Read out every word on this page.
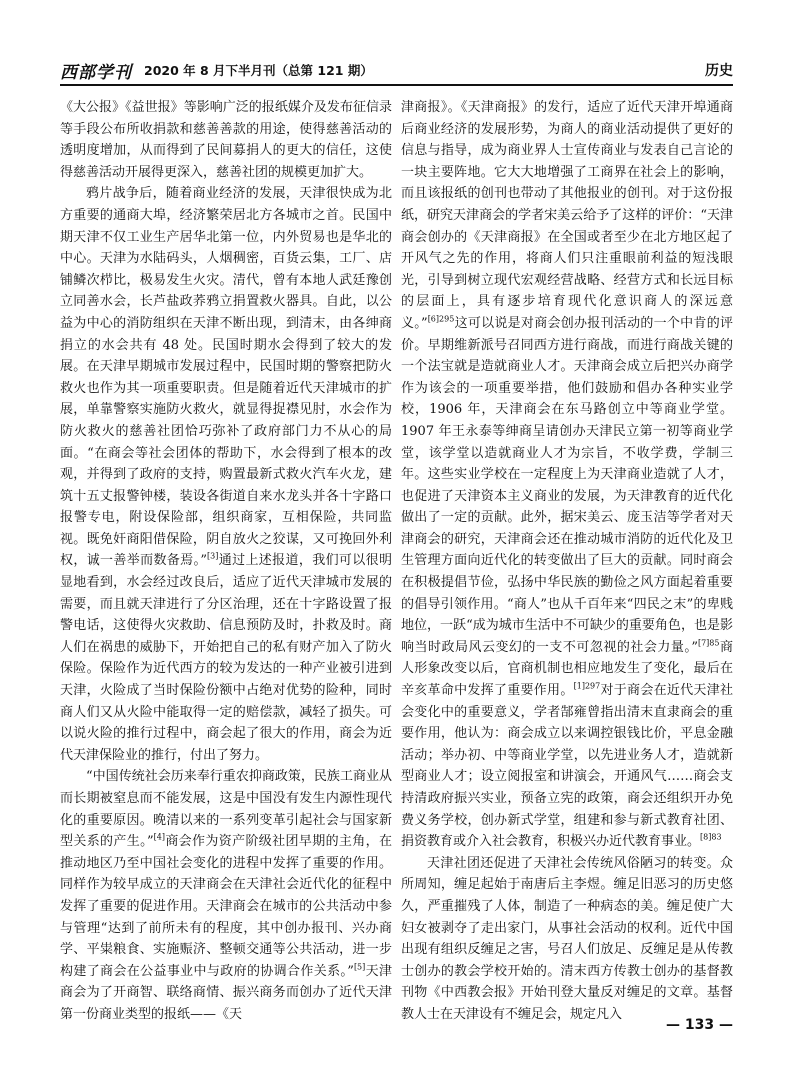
西部学刊 2020 年 8 月下半月刊（总第 121 期）	历史

《大公报》《益世报》等影响广泛的报纸媒介及发布征信录等手段公布所收捐款和慈善善款的用途，使得慈善活动的透明度增加，从而得到了民间募捐人的更大的信任，这使得慈善活动开展得更深入，慈善社团的规模更加扩大。

鸦片战争后，随着商业经济的发展，天津很快成为北方重要的通商大埠，经济繁荣居北方各城市之首。民国中期天津不仅工业生产居华北第一位，内外贸易也是华北的中心。天津为水陆码头，人烟稠密，百货云集，工厂、店铺鳞次栉比，极易发生火灾。清代，曾有本地人武廷豫创立同善水会，长芦盐政荞鸦立捐置救火器具。自此，以公益为中心的消防组织在天津不断出现，到清末，由各绅商捐立的水会共有 48 处。民国时期水会得到了较大的发展。在天津早期城市发展过程中，民国时期的警察把防火救火也作为其一项重要职责。但是随着近代天津城市的扩展，单靠警察实施防火救火，就显得捉襟见肘，水会作为防火救火的慈善社团恰巧弥补了政府部门力不从心的局面。“在商会等社会团体的帮助下，水会得到了根本的改观，并得到了政府的支持，购置最新式救火汽车火龙，建筑十五丈报警钟楼，装设各街道自来水龙头并各十字路口报警专电，附设保险部，组织商家，互相保险，共同监视。既免奸商阳借保险，阴自放火之狡谋，又可挽回外利权，诚一善举而数备焉。”[3]通过上述报道，我们可以很明显地看到，水会经过改良后，适应了近代天津城市发展的需要，而且就天津进行了分区治理，还在十字路设置了报警电话，这使得火灾救助、信息预防及时，扑救及时。商人们在祸患的威胁下，开始把自己的私有财产加入了防火保险。保险作为近代西方的较为发达的一种产业被引进到天津，火险成了当时保险份额中占绝对优势的险种，同时商人们又从火险中能取得一定的赔偿款，减轻了损失。可以说火险的推行过程中，商会起了很大的作用，商会为近代天津保险业的推行，付出了努力。

“中国传统社会历来奉行重农抑商政策，民族工商业从而长期被窒息而不能发展，这是中国没有发生内源性现代化的重要原因。晚清以来的一系列变革引起社会与国家新型关系的产生。”[4]商会作为资产阶级社团早期的主角，在推动地区乃至中国社会变化的进程中发挥了重要的作用。同样作为较早成立的天津商会在天津社会近代化的征程中发挥了重要的促进作用。天津商会在城市的公共活动中参与管理“达到了前所未有的程度，其中创办报刊、兴办商学、平粜粮食、实施赈济、整顿交通等公共活动，进一步构建了商会在公益事业中与政府的协调合作关系。”[5]天津商会为了开商智、联络商情、振兴商务而创办了近代天津第一份商业类型的报纸——《天

津商报》。《天津商报》的发行，适应了近代天津开埠通商后商业经济的发展形势，为商人的商业活动提供了更好的信息与指导，成为商业界人士宣传商业与发表自己言论的一块主要阵地。它大大地增强了工商界在社会上的影响，而且该报纸的创刊也带动了其他报业的创刊。对于这份报纸，研究天津商会的学者宋美云给予了这样的评价：“天津商会创办的《天津商报》在全国或者至少在北方地区起了开风气之先的作用，将商人们只注重眼前利益的短浅眼光，引导到树立现代宏观经营战略、经营方式和长远目标的层面上，具有逐步培育现代化意识商人的深远意义。”$^{[6]295}$这可以说是对商会创办报刊活动的一个中肯的评价。早期维新派号召同西方进行商战，而进行商战关键的一个法宝就是造就商业人才。天津商会成立后把兴办商学作为该会的一项重要举措，他们鼓励和倡办各种实业学校，1906 年，天津商会在东马路创立中等商业学堂。1907 年王永泰等绅商呈请创办天津民立第一初等商业学堂，该学堂以造就商业人才为宗旨，不收学费，学制三年。这些实业学校在一定程度上为天津商业造就了人才，也促进了天津资本主义商业的发展，为天津教育的近代化做出了一定的贡献。此外，据宋美云、庞玉洁等学者对天津商会的研究，天津商会还在推动城市消防的近代化及卫生管理方面向近代化的转变做出了巨大的贡献。同时商会在积极提倡节俭，弘扬中华民族的勤俭之风方面起着重要的倡导引领作用。“商人”也从千百年来“四民之末”的卑贱地位，一跃“成为城市生活中不可缺少的重要角色，也是影响当时政局风云变幻的一支不可忽视的社会力量。”$^{[7]85}$商人形象改变以后，官商机制也相应地发生了变化，最后在辛亥革命中发挥了重要作用。$^{[1]297}$对于商会在近代天津社会变化中的重要意义，学者郜雍曾指出清末直隶商会的重要作用，他认为：商会成立以来调控银钱比价，平息金融活动；举办初、中等商业学堂，以先进业务人才，造就新型商业人才；设立阅报室和讲演会，开通风气……商会支持清政府振兴实业，预备立宪的政策，商会还组织开办免费义务学校，创办新式学堂，组建和参与新式教育社团、捐资教育或介入社会教育，积极兴办近代教育事业。$^{[8]83}$

天津社团还促进了天津社会传统风俗陋习的转变。众所周知，缠足起始于南唐后主李煜。缠足旧恶习的历史悠久，严重摧残了人体，制造了一种病态的美。缠足使广大妇女被剥夺了走出家门，从事社会活动的权利。近代中国出现有组织反缠足之害，号召人们放足、反缠足是从传教士创办的教会学校开始的。清末西方传教士创办的基督教刊物《中西教会报》开始刊登大量反对缠足的文章。基督教人士在天津设有不缠足会，规定凡入

— 133 —
